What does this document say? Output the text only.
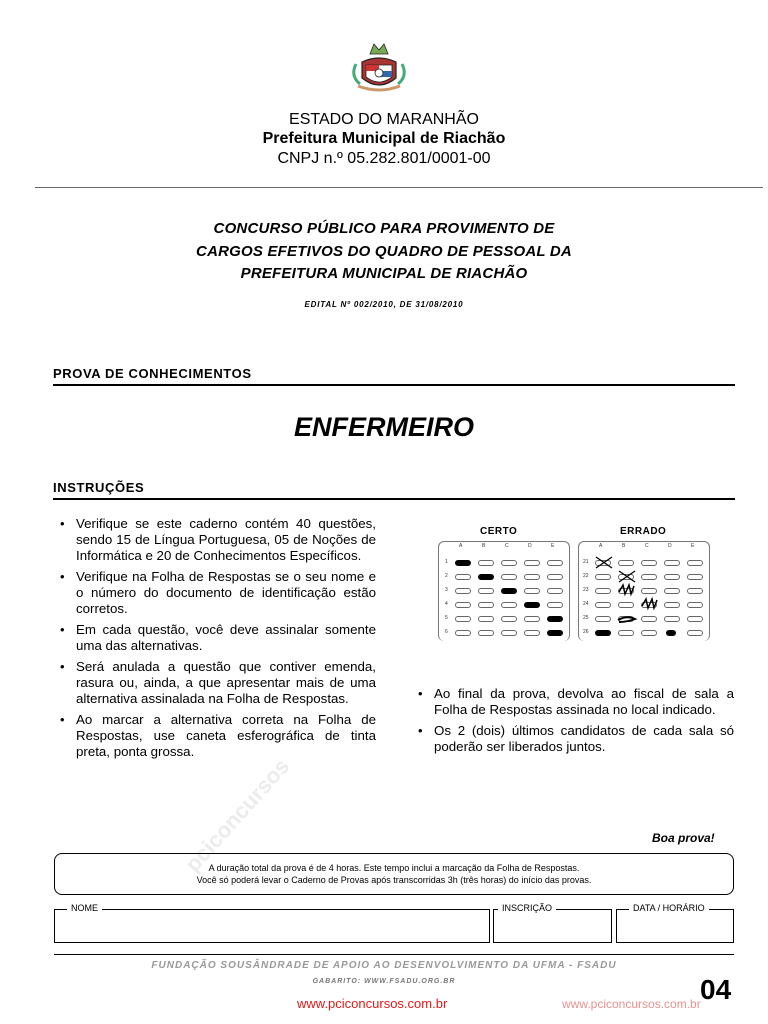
ESTADO DO MARANHÃO
Prefeitura Municipal de Riachão
CNPJ n.º 05.282.801/0001-00
CONCURSO PÚBLICO PARA PROVIMENTO DE
CARGOS EFETIVOS DO QUADRO DE PESSOAL DA
PREFEITURA MUNICIPAL DE RIACHÃO
EDITAL Nº 002/2010, DE 31/08/2010
PROVA DE CONHECIMENTOS
ENFERMEIRO
INSTRUÇÕES
pciconcursos
• Verifique se este caderno contém 40 questões, sendo 15 de Língua Portuguesa, 05 de Noções de Informática e 20 de Conhecimentos Específicos.
• Verifique na Folha de Respostas se o seu nome e o número do documento de identificação estão corretos.
• Em cada questão, você deve assinalar somente uma das alternativas.
• Será anulada a questão que contiver emenda, rasura ou, ainda, a que apresentar mais de uma alternativa assinalada na Folha de Respostas.
• Ao marcar a alternativa correta na Folha de Respostas, use caneta esferográfica de tinta preta, ponta grossa.
CERTO	ERRADO
A	B	C	D	E
1
2
3
4
5
6
A	B	C	D	E
21
22
23
24
25
26
• Ao final da prova, devolva ao fiscal de sala a Folha de Respostas assinada no local indicado.
• Os 2 (dois) últimos candidatos de cada sala só poderão ser liberados juntos.
Boa prova!
A duração total da prova é de 4 horas. Este tempo inclui a marcação da Folha de Respostas.
Você só poderá levar o Caderno de Provas após transcorridas 3h (três horas) do início das provas.
NOME	INSCRIÇÃO	DATA / HORÁRIO
FUNDAÇÃO SOUSÂNDRADE DE APOIO AO DESENVOLVIMENTO DA UFMA - FSADU
GABARITO: WWW.FSADU.ORG.BR	04
www.pciconcursos.com.br	www.pciconcursos.com.br
